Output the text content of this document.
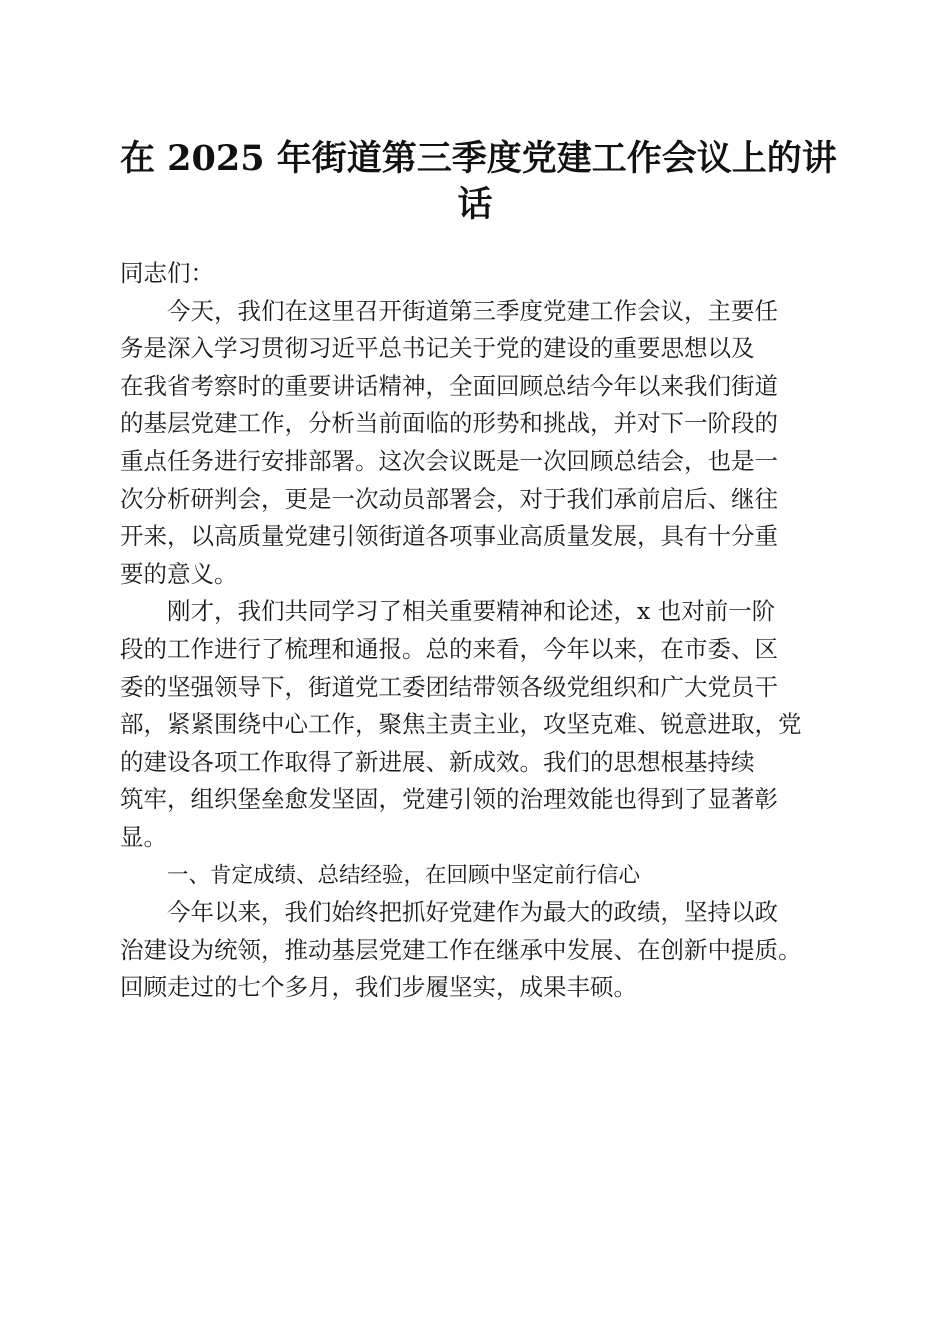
在 2025 年街道第三季度党建工作会议上的讲
话

同志们：

今天，我们在这里召开街道第三季度党建工作会议，主要任

务是深入学习贯彻习近平总书记关于党的建设的重要思想以及

在我省考察时的重要讲话精神，全面回顾总结今年以来我们街道

的基层党建工作，分析当前面临的形势和挑战，并对下一阶段的

重点任务进行安排部署。这次会议既是一次回顾总结会，也是一

次分析研判会，更是一次动员部署会，对于我们承前启后、继往

开来，以高质量党建引领街道各项事业高质量发展，具有十分重

要的意义。

刚才，我们共同学习了相关重要精神和论述，x 也对前一阶

段的工作进行了梳理和通报。总的来看，今年以来，在市委、区

委的坚强领导下，街道党工委团结带领各级党组织和广大党员干

部，紧紧围绕中心工作，聚焦主责主业，攻坚克难、锐意进取，党

的建设各项工作取得了新进展、新成效。我们的思想根基持续

筑牢，组织堡垒愈发坚固，党建引领的治理效能也得到了显著彰

显。

一、肯定成绩、总结经验，在回顾中坚定前行信心

今年以来，我们始终把抓好党建作为最大的政绩，坚持以政

治建设为统领，推动基层党建工作在继承中发展、在创新中提质。

回顾走过的七个多月，我们步履坚实，成果丰硕。
